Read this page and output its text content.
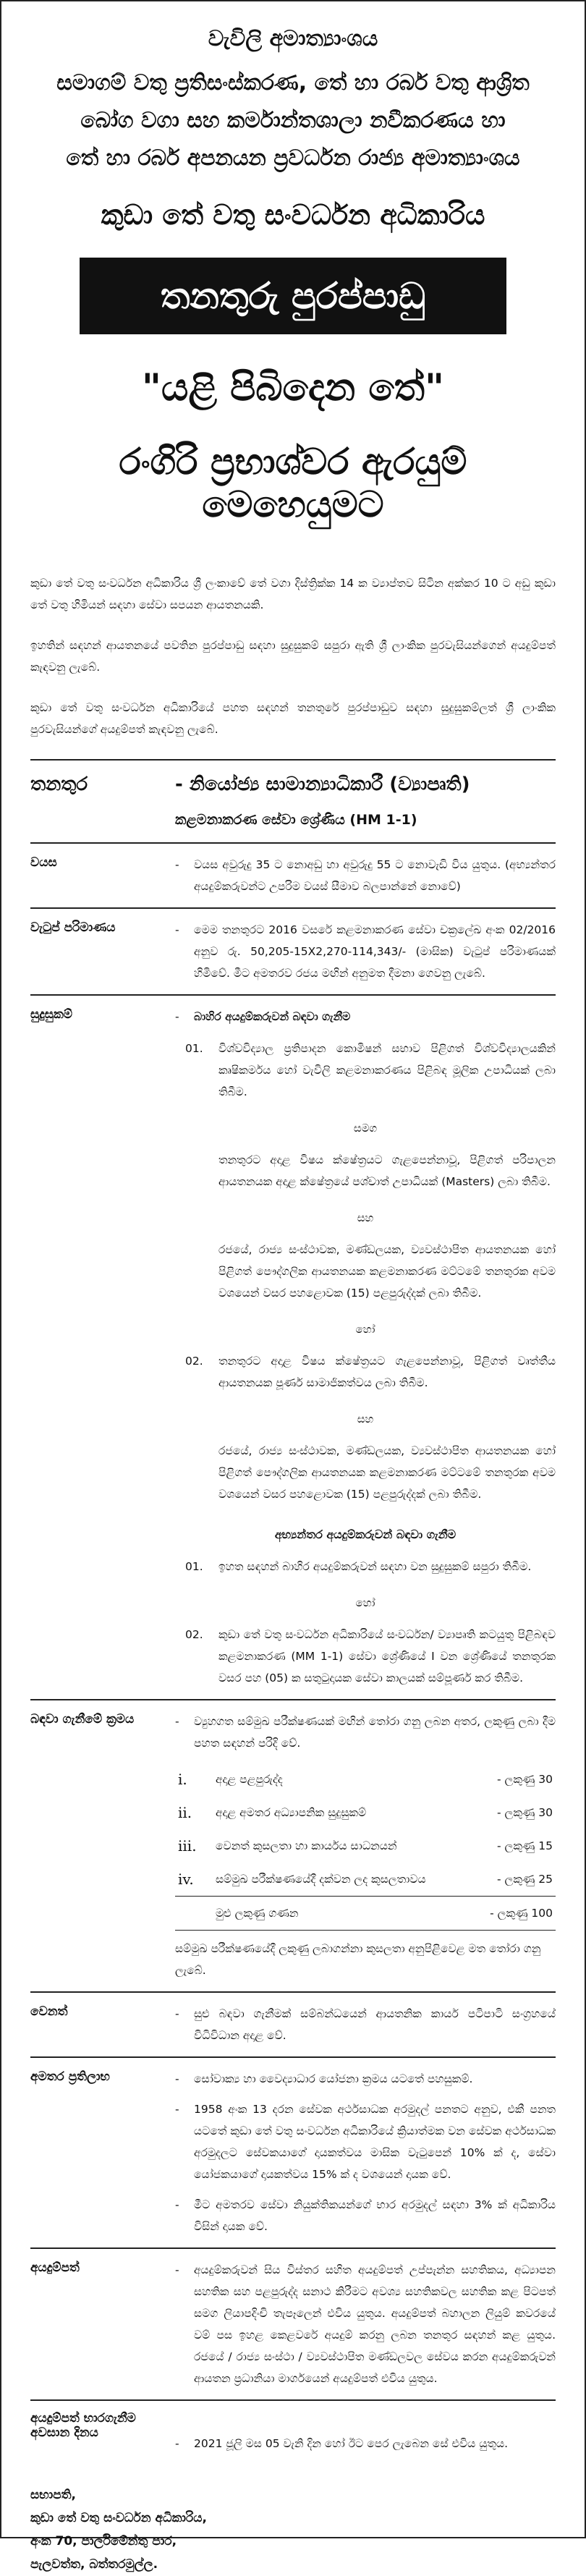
වැවිලි අමාත්‍යාංශය
සමාගම් වතු ප්‍රතිසංස්කරණ, තේ හා රබර් වතු ආශ්‍රිත
බෝග වගා සහ කර්මාන්තශාලා නවීකරණය හා
තේ හා රබර් අපනයන ප්‍රවර්ධන රාජ්‍ය අමාත්‍යාංශය
කුඩා තේ වතු සංවර්ධන අධිකාරිය
තනතුරු පුරප්පාඩු
"යළි පිබිදෙන තේ"
රංගිරි ප්‍රභාශ්වර ඇරයුම් මෙහෙයුමට

කුඩා තේ වතු සංවර්ධන අධිකාරිය ශ්‍රී ලංකාවේ තේ වගා දිස්ත්‍රික්ක 14 ක ව්‍යාප්තව සිටින අක්කර 10 ට අඩු කුඩා තේ වතු හිමියන් සඳහා සේවා සපයන ආයතනයකි.

ඉහතින් සඳහන් ආයතනයේ පවතින පුරප්පාඩු සඳහා සුදුසුකම් සපුරා ඇති ශ්‍රී ලාංකික පුරවැසියන්ගෙන් අයදුම්පත් කැඳවනු ලැබේ.

කුඩා තේ වතු සංවර්ධන අධිකාරියේ පහත සඳහන් තනතුරේ පුරප්පාඩුව සඳහා සුදුසුකම්ලත් ශ්‍රී ලාංකික පුරවැසියන්ගේ අයදුම්පත් කැඳවනු ලැබේ.

තනතුර	- නියෝජ්‍ය සාමාන්‍යාධිකාරී (ව්‍යාපෘති)
කළමනාකරණ සේවා ශ්‍රේණිය (HM 1-1)
වයස	-	වයස අවුරුදු 35 ට නොඅඩු හා අවුරුදු 55 ට නොවැඩි විය යුතුය. (අභ්‍යන්තර අයදුම්කරුවන්ට උපරිම වයස් සීමාව බලපාන්නේ නොවේ)
වැටුප් පරිමාණය	-	මෙම තනතුරට 2016 වසරේ කළමනාකරණ සේවා චක්‍රලේඛ අංක 02/2016 අනුව රු. 50,205-15X2,270-114,343/- (මාසික) වැටුප් පරිමාණයක් හිමිවේ. මීට අමතරව රජය මඟින් අනුමත දීමනා ගෙවනු ලැබේ.
සුදුසුකම්	-	බාහිර අයදුම්කරුවන් බඳවා ගැනීම
01.	විශ්වවිද්‍යාල ප්‍රතිපාදන කොමිෂන් සභාව පිළිගත් විශ්වවිද්‍යාලයකින් කෘෂිකර්මය හෝ වැවිලි කළමනාකරණය පිළිබඳ මූලික උපාධියක් ලබා තිබීම.
සමග
තනතුරට අදාළ විෂය ක්ෂේත්‍රයට ගැළපෙන්නාවූ, පිළිගත් පරිපාලන ආයතනයක අදාළ ක්ෂේත්‍රයේ පශ්චාත් උපාධියක් (Masters) ලබා තිබීම.
සහ
රජයේ, රාජ්‍ය සංස්ථාවක, මණ්ඩලයක, ව්‍යවස්ථාපිත ආයතනයක හෝ පිළිගත් පෞද්ගලික ආයතනයක කළමනාකරණ මට්ටමේ තනතුරක අවම වශයෙන් වසර පහළොවක (15) පළපුරුද්දක් ලබා තිබීම.
හෝ
02.	තනතුරට අදාළ විෂය ක්ෂේත්‍රයට ගැළපෙන්නාවූ, පිළිගත් වෘත්තීය ආයතනයක පූර්ණ සාමාජිකත්වය ලබා තිබීම.
සහ
රජයේ, රාජ්‍ය සංස්ථාවක, මණ්ඩලයක, ව්‍යවස්ථාපිත ආයතනයක හෝ පිළිගත් පෞද්ගලික ආයතනයක කළමනාකරණ මට්ටමේ තනතුරක අවම වශයෙන් වසර පහළොවක (15) පළපුරුද්දක් ලබා තිබීම.
අභ්‍යන්තර අයදුම්කරුවන් බඳවා ගැනීම
01.	ඉහත සඳහන් බාහිර අයදුම්කරුවන් සඳහා වන සුදුසුකම් සපුරා තිබීම.
හෝ
02.	කුඩා තේ වතු සංවර්ධන අධිකාරියේ සංවර්ධන/ ව්‍යාපෘති කටයුතු පිළිබඳව කළමනාකරණ (MM 1-1) සේවා ශ්‍රේණියේ I වන ශ්‍රේණියේ තනතුරක වසර පහ (05) ක සතුටුදායක සේවා කාලයක් සම්පූර්ණ කර තිබීම.
බඳවා ගැනීමේ ක්‍රමය	-	ව්‍යුහගත සම්මුඛ පරීක්ෂණයක් මඟින් තෝරා ගනු ලබන අතර, ලකුණු ලබා දීම පහත සඳහන් පරිදි වේ.
i.	අදාළ පළපුරුද්ද	- ලකුණු 30
ii.	අදාළ අමතර අධ්‍යාපනික සුදුසුකම්	- ලකුණු 30
iii.	වෙනත් කුසලතා හා කාර්යය සාධනයන්	- ලකුණු 15
iv.	සම්මුඛ පරීක්ෂණයේදී දක්වන ලද කුසලතාවය	- ලකුණු 25
	මුළු ලකුණු ගණන	- ලකුණු 100
සම්මුඛ පරීක්ෂණයේදී ලකුණු ලබාගන්නා කුසලතා අනුපිළිවෙළ මත තෝරා ගනු ලැබේ.
වෙනත්	-	සුළු බඳවා ගැනීමක් සම්බන්ධයෙන් ආයතනික කාර්ය පටිපාටි සංග්‍රහයේ විධිවිධාන අදාළ වේ.
අමතර ප්‍රතිලාභ	-	සෝවාක්‍ය හා වෛද්‍යාධාර යෝජනා ක්‍රමය යටතේ පහසුකම්.
-	1958 අංක 13 දරන සේවක අර්ථසාධක අරමුදල් පනතට අනුව, එකී පනත යටතේ කුඩා තේ වතු සංවර්ධන අධිකාරියේ ක්‍රියාත්මක වන සේවක අර්ථසාධක අරමුදලට සේවකයාගේ දායකත්වය මාසික වැටුපෙන් 10% ක් ද, සේවා යෝජකයාගේ දායකත්වය 15% ක් ද වශයෙන් දායක වේ.
-	මීට අමතරව සේවා නියුක්තිකයන්ගේ භාර අරමුදල් සඳහා 3% ක් අධිකාරිය විසින් දායක වේ.
අයදුම්පත්	-	අයදුම්කරුවන් සිය විස්තර සහිත අයදුම්පත් උප්පැන්න සහතිකය, අධ්‍යාපන සහතික සහ පළපුරුද්ද සනාථ කිරීමට අවශ්‍ය සහතිකවල සහතික කළ පිටපත් සමග ලියාපදිංචි තැපෑලෙන් එවිය යුතුය. අයදුම්පත් බහාලන ලියුම් කවරයේ වම් පස ඉහළ කෙළවරේ අයදුම් කරනු ලබන තනතුර සඳහන් කළ යුතුය. රජයේ / රාජ්‍ය සංස්ථා / ව්‍යවස්ථාපිත මණ්ඩලවල සේවය කරන අයදුම්කරුවන් ආයතන ප්‍රධානියා මාර්ගයෙන් අයදුම්පත් එවිය යුතුය.
අයදුම්පත් භාරගැනීම
අවසාන දිනය
-	2021 ජූලි මස 05 වැනි දින හෝ ඊට පෙර ලැබෙන සේ එවිය යුතුය.
සභාපති,
කුඩා තේ වතු සංවර්ධන අධිකාරිය,
අංක 70, පාර්ලිමේන්තු පාර,
පැලවත්ත, බත්තරමුල්ල.
